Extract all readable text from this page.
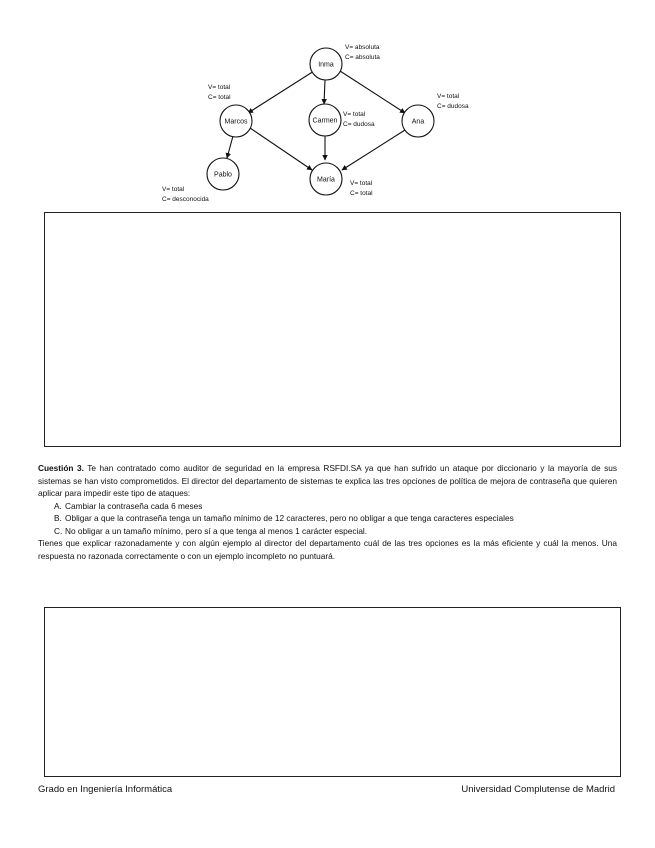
Inma
Marcos	Carmen	Ana
Pablo
María
V= absoluta
C= absoluta
V= total
C= total
V= total
C= dudosa
V= total
C= dudosa
V= total
C= desconocida
V= total
C= total

Cuestión 3. Te han contratado como auditor de seguridad en la empresa RSFDI.SA ya que han sufrido un ataque por diccionario y la mayoría de sus sistemas se han visto comprometidos. El director del departamento de sistemas te explica las tres opciones de política de mejora de contraseña que quieren aplicar para impedir este tipo de ataques:

A. Cambiar la contraseña cada 6 meses
B. Obligar a que la contraseña tenga un tamaño mínimo de 12 caracteres, pero no obligar a que tenga caracteres especiales
C. No obligar a un tamaño mínimo, pero sí a que tenga al menos 1 carácter especial.

Tienes que explicar razonadamente y con algún ejemplo al director del departamento cuál de las tres opciones es la más eficiente y cuál la menos. Una respuesta no razonada correctamente o con un ejemplo incompleto no puntuará.

Grado en Ingeniería Informática	Universidad Complutense de Madrid
